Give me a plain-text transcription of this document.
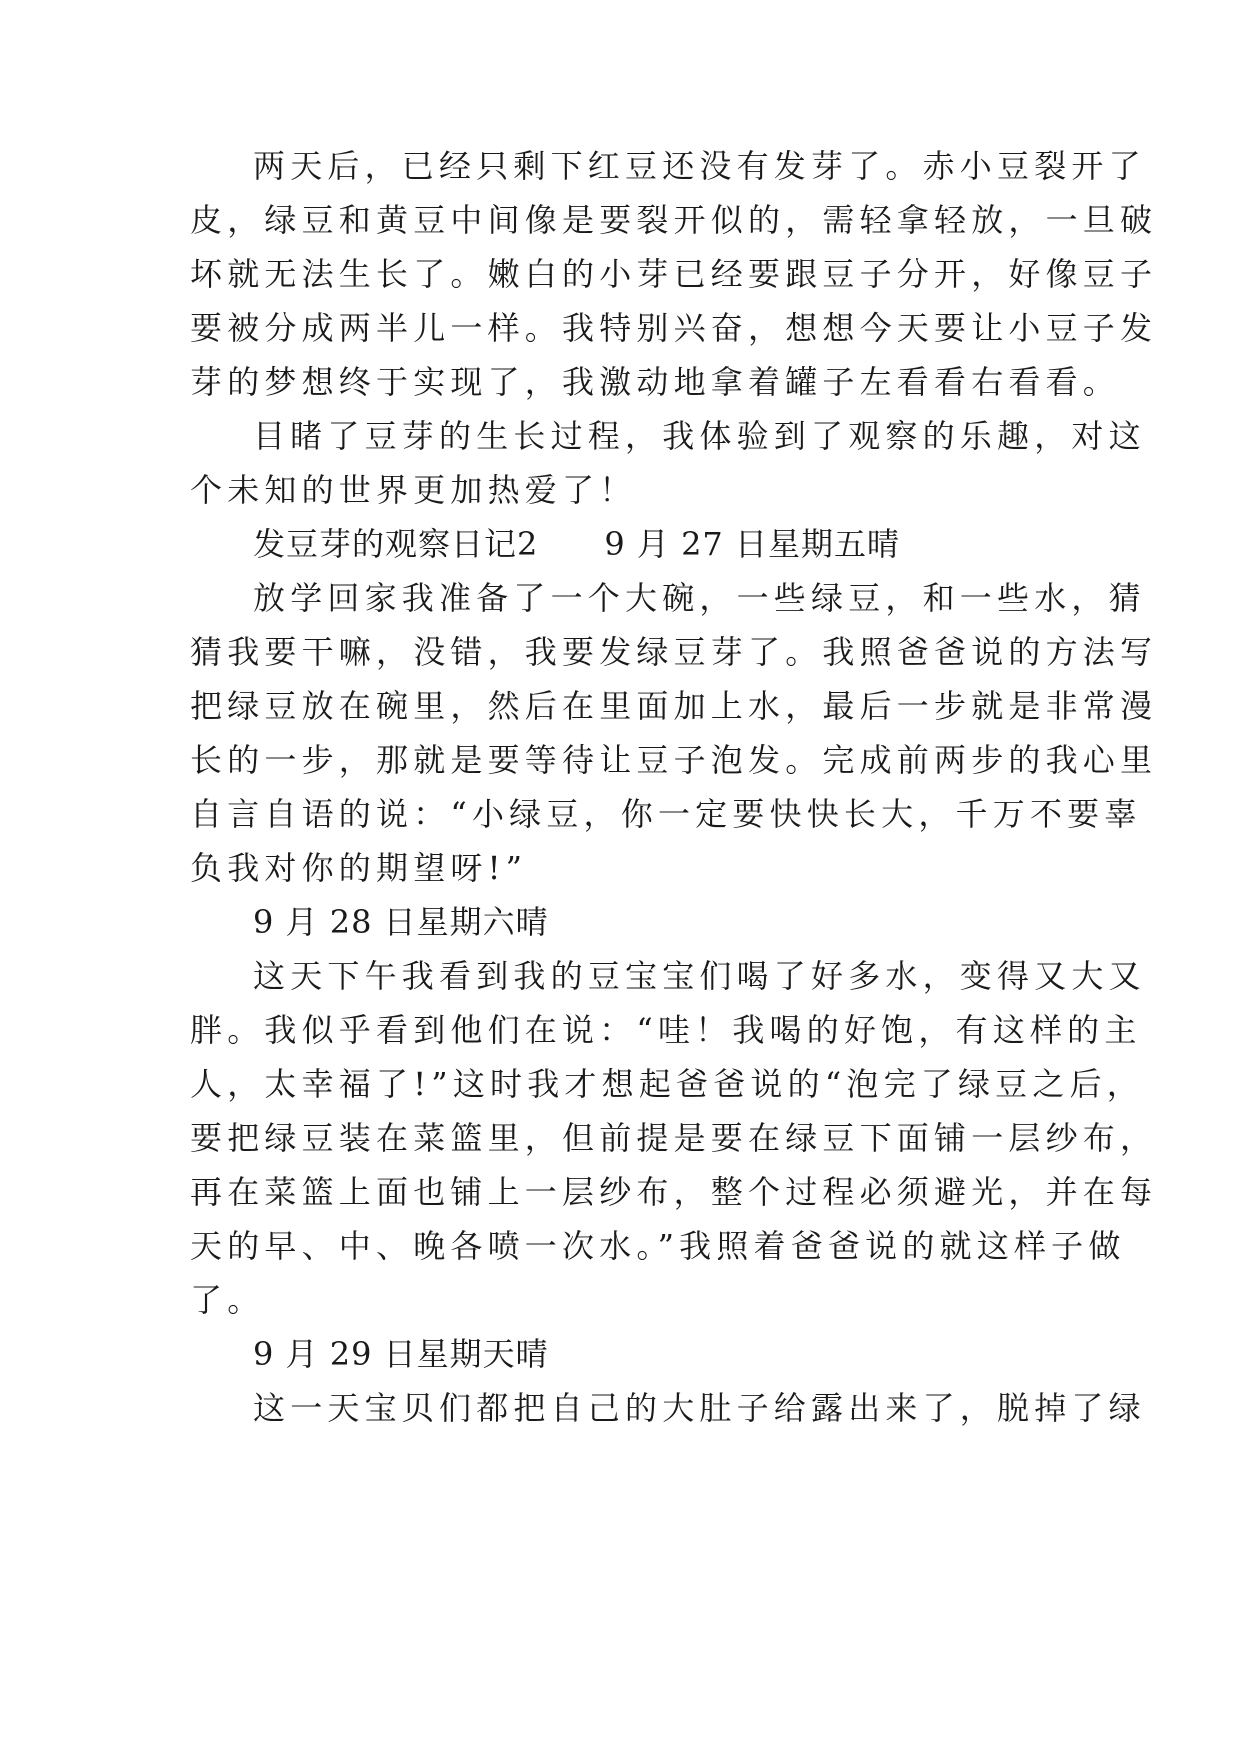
两天后，已经只剩下红豆还没有发芽了。赤小豆裂开了
皮，绿豆和黄豆中间像是要裂开似的，需轻拿轻放，一旦破
坏就无法生长了。嫩白的小芽已经要跟豆子分开，好像豆子
要被分成两半儿一样。我特别兴奋，想想今天要让小豆子发
芽的梦想终于实现了，我激动地拿着罐子左看看右看看。
目睹了豆芽的生长过程，我体验到了观察的乐趣，对这
个未知的世界更加热爱了！
发豆芽的观察日记2　　9 月 27 日星期五晴
放学回家我准备了一个大碗，一些绿豆，和一些水，猜
猜我要干嘛，没错，我要发绿豆芽了。我照爸爸说的方法写
把绿豆放在碗里，然后在里面加上水，最后一步就是非常漫
长的一步，那就是要等待让豆子泡发。完成前两步的我心里
自言自语的说：“小绿豆，你一定要快快长大，千万不要辜
负我对你的期望呀!”
9 月 28 日星期六晴
这天下午我看到我的豆宝宝们喝了好多水，变得又大又
胖。我似乎看到他们在说：“哇！我喝的好饱，有这样的主
人，太幸福了!”这时我才想起爸爸说的“泡完了绿豆之后，
要把绿豆装在菜篮里，但前提是要在绿豆下面铺一层纱布，
再在菜篮上面也铺上一层纱布，整个过程必须避光，并在每
天的早、中、晚各喷一次水。”我照着爸爸说的就这样子做
了。
9 月 29 日星期天晴
这一天宝贝们都把自己的大肚子给露出来了，脱掉了绿
